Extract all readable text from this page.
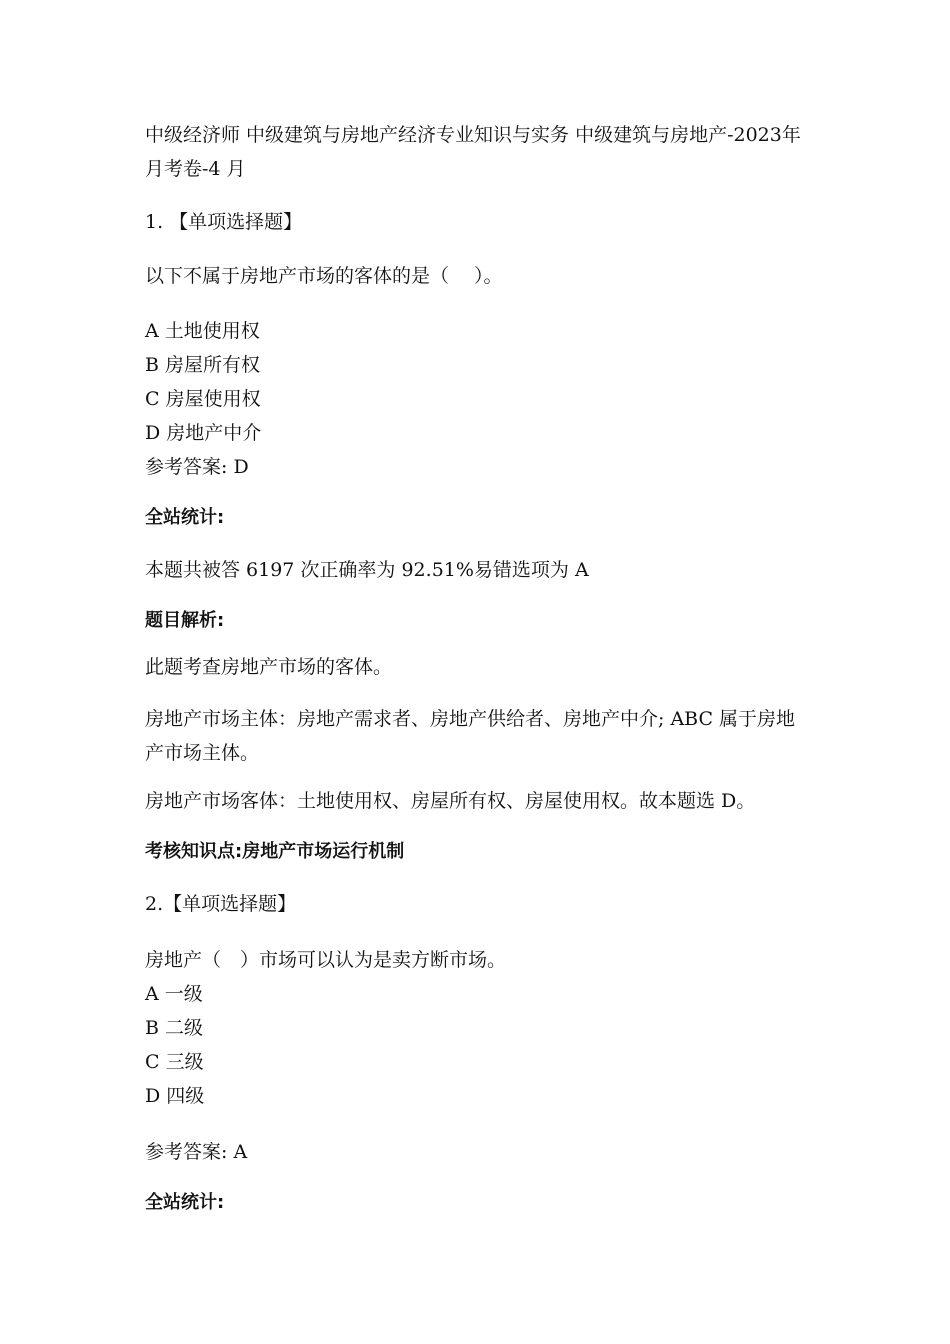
中级经济师 中级建筑与房地产经济专业知识与实务 中级建筑与房地产-2023年月考卷-4 月
1. 【单项选择题】
以下不属于房地产市场的客体的是（　 ）。
A 土地使用权
B 房屋所有权
C 房屋使用权
D 房地产中介
参考答案: D
全站统计:
本题共被答 6197 次正确率为 92.51%易错选项为 A
题目解析:
此题考查房地产市场的客体。
房地产市场主体：房地产需求者、房地产供给者、房地产中介; ABC 属于房地产市场主体。
房地产市场客体：土地使用权、房屋所有权、房屋使用权。故本题选 D。
考核知识点:房地产市场运行机制
2.【单项选择题】
房地产（　）市场可以认为是卖方断市场。
A 一级
B 二级
C 三级
D 四级
参考答案: A
全站统计:
